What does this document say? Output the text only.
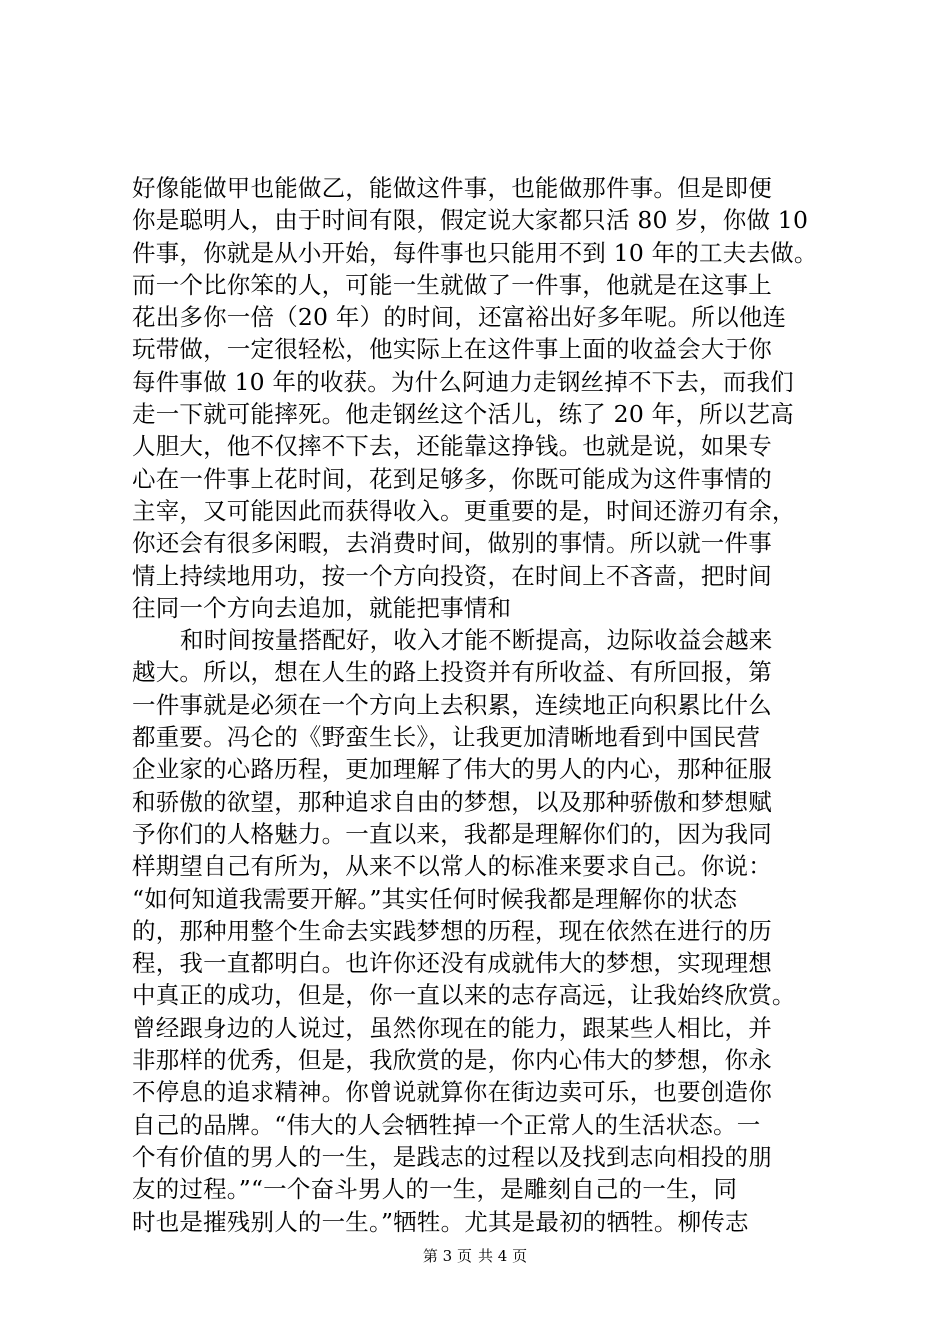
好像能做甲也能做乙，能做这件事，也能做那件事。但是即便
你是聪明人，由于时间有限，假定说大家都只活 80 岁，你做 10
件事，你就是从小开始，每件事也只能用不到 10 年的工夫去做。
而一个比你笨的人，可能一生就做了一件事，他就是在这事上
花出多你一倍（20 年）的时间，还富裕出好多年呢。所以他连
玩带做，一定很轻松，他实际上在这件事上面的收益会大于你
每件事做 10 年的收获。为什么阿迪力走钢丝掉不下去，而我们
走一下就可能摔死。他走钢丝这个活儿，练了 20 年，所以艺高
人胆大，他不仅摔不下去，还能靠这挣钱。也就是说，如果专
心在一件事上花时间，花到足够多，你既可能成为这件事情的
主宰，又可能因此而获得收入。更重要的是，时间还游刃有余，
你还会有很多闲暇，去消费时间，做别的事情。所以就一件事
情上持续地用功，按一个方向投资，在时间上不吝啬，把时间
往同一个方向去追加，就能把事情和
和时间按量搭配好，收入才能不断提高，边际收益会越来
越大。所以，想在人生的路上投资并有所收益、有所回报，第
一件事就是必须在一个方向上去积累，连续地正向积累比什么
都重要。冯仑的《野蛮生长》，让我更加清晰地看到中国民营
企业家的心路历程，更加理解了伟大的男人的内心，那种征服
和骄傲的欲望，那种追求自由的梦想，以及那种骄傲和梦想赋
予你们的人格魅力。一直以来，我都是理解你们的，因为我同
样期望自己有所为，从来不以常人的标准来要求自己。你说：
“如何知道我需要开解。”其实任何时候我都是理解你的状态
的，那种用整个生命去实践梦想的历程，现在依然在进行的历
程，我一直都明白。也许你还没有成就伟大的梦想，实现理想
中真正的成功，但是，你一直以来的志存高远，让我始终欣赏。
曾经跟身边的人说过，虽然你现在的能力，跟某些人相比，并
非那样的优秀，但是，我欣赏的是，你内心伟大的梦想，你永
不停息的追求精神。你曾说就算你在街边卖可乐，也要创造你
自己的品牌。“伟大的人会牺牲掉一个正常人的生活状态。一
个有价值的男人的一生，是践志的过程以及找到志向相投的朋
友的过程。”“一个奋斗男人的一生，是雕刻自己的一生，同
时也是摧残别人的一生。”牺牲。尤其是最初的牺牲。柳传志
第 3 页 共 4 页
